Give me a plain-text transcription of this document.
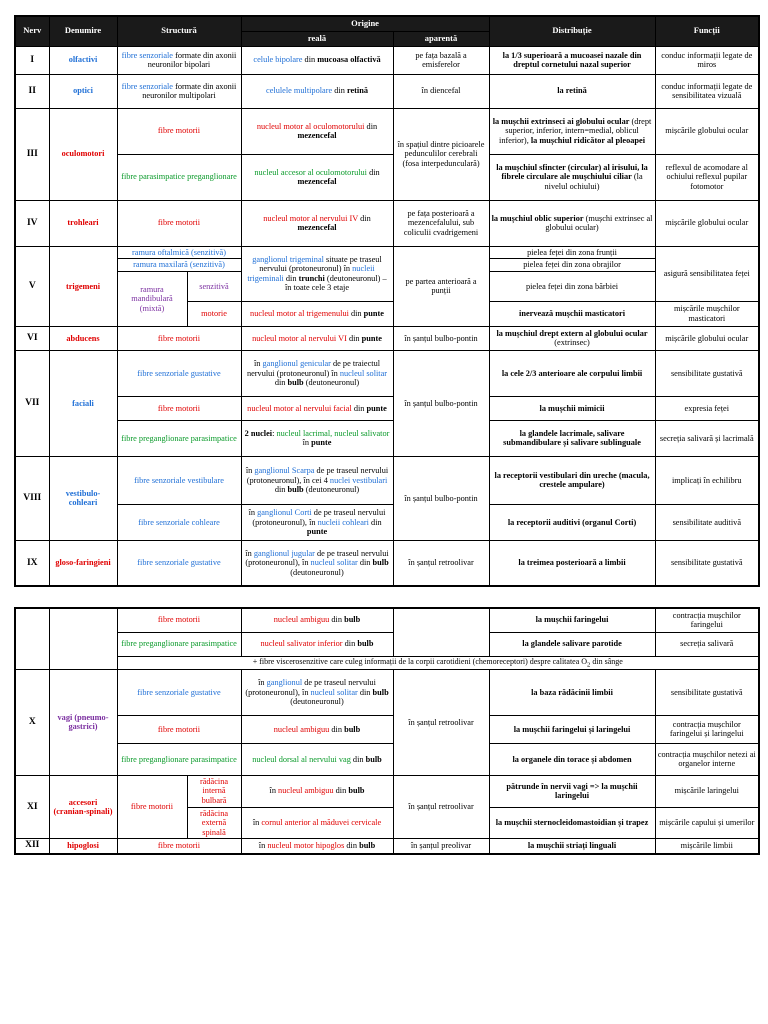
Nerv	Denumire	Structură		Origine		Distribuție	Funcții
				reală	aparentă		
I	olfactivi	fibre senzoriale formate din axonii neuronilor bipolari		celule bipolare din mucoasa olfactivă	pe fața bazală a emisferelor	la 1/3 superioară a mucoasei nazale din dreptul cornetului nazal superior	conduc informații legate de miros
II	optici	fibre senzoriale formate din axonii neuronilor multipolari		celulele multipolare din retină	în diencefal	la retină	conduc informații legate de sensibilitatea vizuală
III	oculomotori	fibre motorii		nucleul motor al oculomotorului din mezencefal	în spațiul dintre picioarele pedunculilor cerebrali (fosa interpedunculară)	la mușchii extrinseci ai globului ocular (drept superior, inferior, intern=medial, oblicul inferior), la mușchiul ridicător al pleoapei	mișcările globului ocular
		fibre parasimpatice preganglionare		nucleul accesor al oculomotorului din mezencefal		la mușchiul sfincter (circular) al irisului, la fibrele circulare ale mușchiului ciliar (la nivelul ochiului)	reflexul de acomodare al ochiului reflexul pupilar fotomotor
IV	trohleari	fibre motorii		nucleul motor al nervului IV din mezencefal	pe fața posterioară a mezencefalului, sub coliculii cvadrigemeni	la mușchiul oblic superior (mușchi extrinsec al globului ocular)	mișcările globului ocular
V	trigemeni	ramura oftalmică (senzitivă)		ganglionul trigeminal situate pe traseul nervului (protoneuronul) în nucleii trigeminali din trunchi (deutoneuronul) – în toate cele 3 etaje	pe partea anterioară a punții	pielea feței din zona frunții	asigură sensibilitatea feței
		ramura maxilară (senzitivă)				pielea feței din zona obrajilor	
		ramura mandibulară (mixtă)	senzitivă			pielea feței din zona bărbiei	
			motorie	nucleul motor al trigemenului din punte		inervează mușchii masticatori	mișcările mușchilor masticatori

VI	abducens	fibre motorii		nucleul motor al nervului VI din punte	în șanțul bulbo-pontin	la mușchiul drept extern al globului ocular (extrinsec)	mișcările globului ocular
VII	faciali	fibre senzoriale gustative		în ganglionul genicular de pe traiectul nervului (protoneuronul) în nucleul solitar din bulb (deutoneuronul)	în șanțul bulbo-pontin	la cele 2/3 anterioare ale corpului limbii	sensibilitate gustativă
		fibre motorii		nucleul motor al nervului facial din punte		la mușchii mimicii	expresia feței
		fibre preganglionare parasimpatice		2 nuclei: nucleul lacrimal, nucleul salivator în punte		la glandele lacrimale, salivare submandibulare și salivare sublinguale	secreția salivară și lacrimală
VIII	vestibulo-cohleari	fibre senzoriale vestibulare		în ganglionul Scarpa de pe traseul nervului (protoneuronul), în cei 4 nuclei vestibulari din bulb (deutoneuronul)	în șanțul bulbo-pontin	la receptorii vestibulari din ureche (macula, crestele ampulare)	implicați în echilibru
		fibre senzoriale cohleare		în ganglionul Corti de pe traseul nervului (protoneuronul), în nucleii cohleari din punte		la receptorii auditivi (organul Corti)	sensibilitate auditivă
IX	gloso-faringieni	fibre senzoriale gustative		în ganglionul jugular de pe traseul nervului (protoneuronul), în nucleul solitar din bulb (deutoneuronul)	în șanțul retroolivar	la treimea posterioară a limbii	sensibilitate gustativă
		fibre motorii		nucleul ambiguu din bulb		la mușchii faringelui	contracția mușchilor faringelui
		fibre preganglionare parasimpatice		nucleul salivator inferior din bulb		la glandele salivare parotide	secreția salivară
		+ fibre viscerosenzitive care culeg informații de la corpii carotidieni (chemoreceptori) despre calitatea $O_2$ din sânge					
X	vagi (pneumo-gastrici)	fibre senzoriale gustative		în ganglionul de pe traseul nervului (protoneuronul), în nucleul solitar din bulb (deutoneuronul)	în șanțul retroolivar	la baza rădăcinii limbii	sensibilitate gustativă
		fibre motorii		nucleul ambiguu din bulb		la mușchii faringelui și laringelui	contracția mușchilor faringelui și laringelui
		fibre preganglionare parasimpatice		nucleul dorsal al nervului vag din bulb		la organele din torace și abdomen	contracția mușchilor netezi ai organelor interne
XI	accesori (cranian-spinali)	fibre motorii	rădăcina internă bulbară	în nucleul ambiguu din bulb	în șanțul retroolivar	pătrunde în nervii vagi => la mușchii laringelui	mișcările laringelui
			rădăcina externă spinală	în cornul anterior al măduvei cervicale		la mușchii sternocleidomastoidian și trapez	mișcările capului și umerilor
XII	hipoglosi	fibre motorii		în nucleul motor hipoglos din bulb	în șanțul preolivar	la mușchii striați linguali	mișcările limbii
